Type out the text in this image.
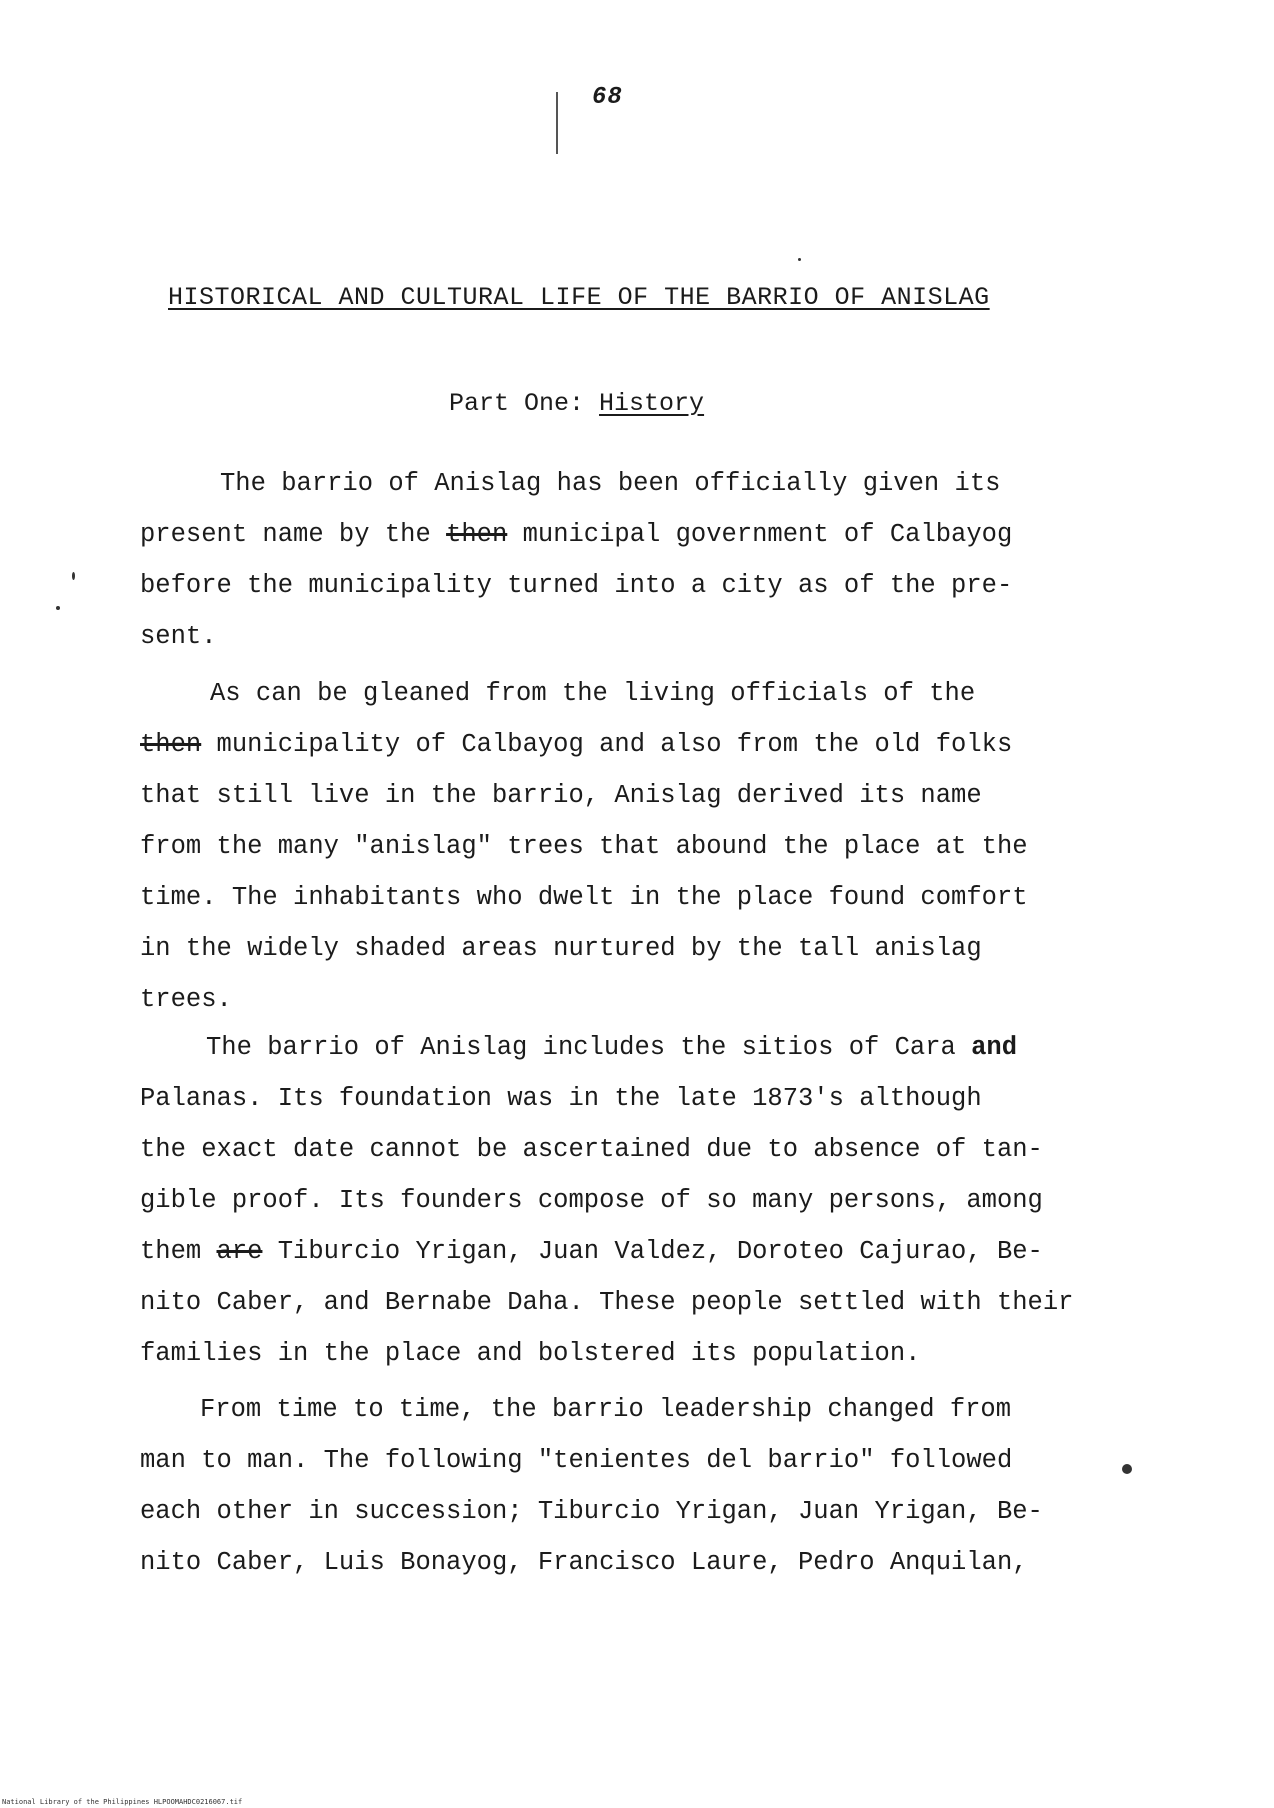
68
HISTORICAL AND CULTURAL LIFE OF THE BARRIO OF ANISLAG
Part One: History
The barrio of Anislag has been officially given its
present name by the then municipal government of Calbayog
before the municipality turned into a city as of the pre-
sent.
As can be gleaned from the living officials of the
then municipality of Calbayog and also from the old folks
that still live in the barrio, Anislag derived its name
from the many "anislag" trees that abound the place at the
time. The inhabitants who dwelt in the place found comfort
in the widely shaded areas nurtured by the tall anislag
trees.
The barrio of Anislag includes the sitios of Cara and
Palanas. Its foundation was in the late 1873's although
the exact date cannot be ascertained due to absence of tan-
gible proof. Its founders compose of so many persons, among
them are Tiburcio Yrigan, Juan Valdez, Doroteo Cajurao, Be-
nito Caber, and Bernabe Daha. These people settled with their
families in the place and bolstered its population.
From time to time, the barrio leadership changed from
man to man. The following "tenientes del barrio" followed
each other in succession; Tiburcio Yrigan, Juan Yrigan, Be-
nito Caber, Luis Bonayog, Francisco Laure, Pedro Anquilan,
National Library of the Philippines HLPOOMAHDC0216067.tif
